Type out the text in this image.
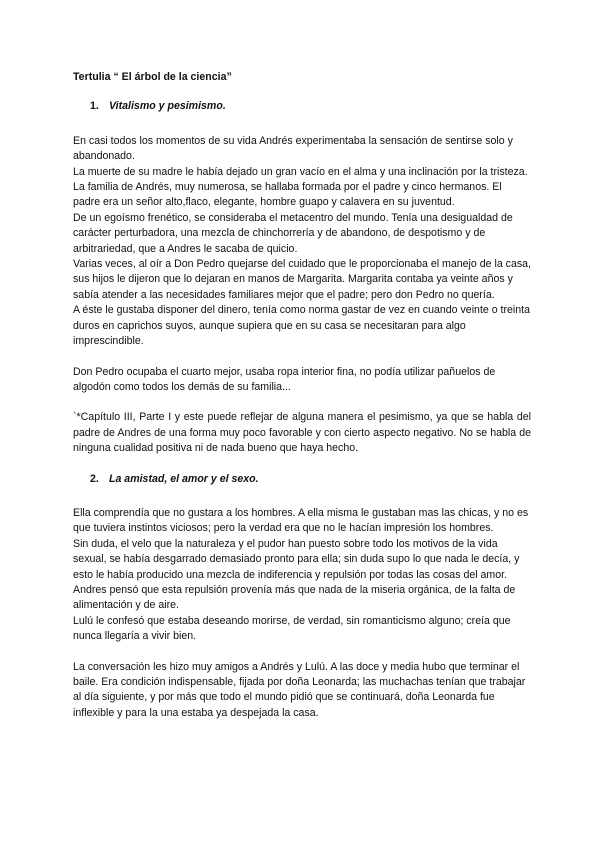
Tertulia “ El árbol de la ciencia”

1. Vitalismo y pesimismo.

En casi todos los momentos de su vida Andrés experimentaba la sensación de sentirse solo y abandonado.

La muerte de su madre le había dejado un gran vacío en el alma y una inclinación por la tristeza.

La familia de Andrés, muy numerosa, se hallaba formada por el padre y cinco hermanos. El padre era un señor alto,flaco, elegante, hombre guapo y calavera en su juventud.

De un egoísmo frenético, se consideraba el metacentro del mundo. Tenía una desigualdad de carácter perturbadora, una mezcla de chinchorrería y de abandono, de despotismo y de arbitrariedad, que a Andres le sacaba de quicio.

Varias veces, al oír a Don Pedro quejarse del cuidado que le proporcionaba el manejo de la casa, sus hijos le dijeron que lo dejaran en manos de Margarita. Margarita contaba ya veinte años y sabía atender a las necesidades familiares mejor que el padre; pero don Pedro no quería.

A éste le gustaba disponer del dinero, tenía como norma gastar de vez en cuando veinte o treinta duros en caprichos suyos, aunque supiera que en su casa se necesitaran para algo imprescindible.

Don Pedro ocupaba el cuarto mejor, usaba ropa interior fina, no podía utilizar pañuelos de algodón como todos los demás de su familia...

`*Capítulo III, Parte I y este puede reflejar de alguna manera el pesimismo, ya que se habla del padre de Andres de una forma muy poco favorable y con cierto aspecto negativo. No se habla de ninguna cualidad positiva ni de nada bueno que haya hecho.

2. La amistad, el amor y el sexo.

Ella comprendía que no gustara a los hombres. A ella misma le gustaban mas las chicas, y no es que tuviera instintos viciosos; pero la verdad era que no le hacían impresión los hombres.

Sin duda, el velo que la naturaleza y el pudor han puesto sobre todo los motivos de la vida sexual, se había desgarrado demasiado pronto para ella; sin duda supo lo que nada le decía, y esto le había producido una mezcla de indiferencia y repulsión por todas las cosas del amor.

Andres pensó que esta repulsión provenía más que nada de la miseria orgánica, de la falta de alimentación y de aire.

Lulú le confesó que estaba deseando morirse, de verdad, sin romanticismo alguno; creía que nunca llegaría a vivir bien.

La conversación les hizo muy amigos a Andrés y Lulú. A las doce y media hubo que terminar el baile. Era condición indispensable, fijada por doña Leonarda; las muchachas tenían que trabajar al día siguiente, y por más que todo el mundo pidió que se continuará, doña Leonarda fue inflexible y para la una estaba ya despejada la casa.
